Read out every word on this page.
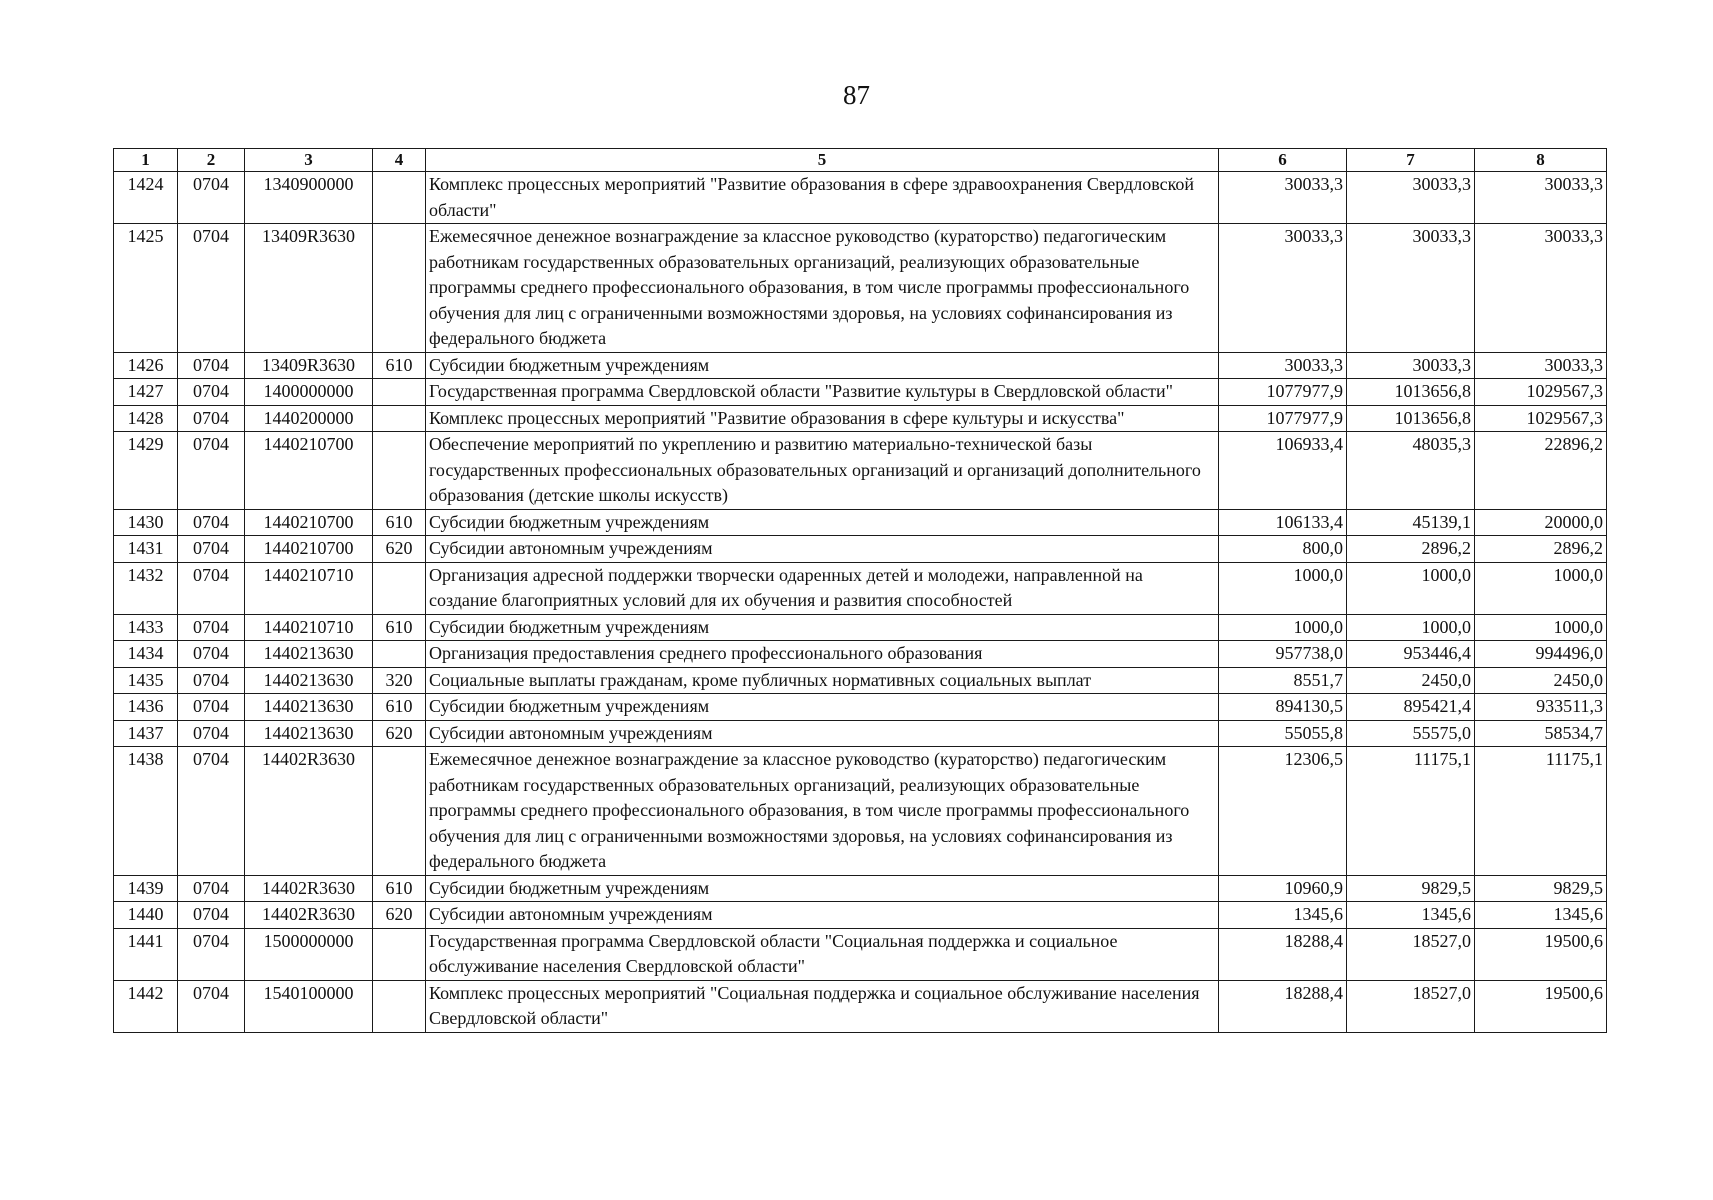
87
1	2	3	4	5	6	7	8
1424	0704	1340900000		Комплекс процессных мероприятий "Развитие образования в сфере здравоохранения Свердловской области"	30033,3	30033,3	30033,3
1425	0704	13409R3630		Ежемесячное денежное вознаграждение за классное руководство (кураторство) педагогическим работникам государственных образовательных организаций, реализующих образовательные программы среднего профессионального образования, в том числе программы профессионального обучения для лиц с ограниченными возможностями здоровья, на условиях софинансирования из федерального бюджета	30033,3	30033,3	30033,3
1426	0704	13409R3630	610	Субсидии бюджетным учреждениям	30033,3	30033,3	30033,3
1427	0704	1400000000		Государственная программа Свердловской области "Развитие культуры в Свердловской области"	1077977,9	1013656,8	1029567,3
1428	0704	1440200000		Комплекс процессных мероприятий "Развитие образования в сфере культуры и искусства"	1077977,9	1013656,8	1029567,3
1429	0704	1440210700		Обеспечение мероприятий по укреплению и развитию материально-технической базы государственных профессиональных образовательных организаций и организаций дополнительного образования (детские школы искусств)	106933,4	48035,3	22896,2
1430	0704	1440210700	610	Субсидии бюджетным учреждениям	106133,4	45139,1	20000,0
1431	0704	1440210700	620	Субсидии автономным учреждениям	800,0	2896,2	2896,2
1432	0704	1440210710		Организация адресной поддержки творчески одаренных детей и молодежи, направленной на создание благоприятных условий для их обучения и развития способностей	1000,0	1000,0	1000,0
1433	0704	1440210710	610	Субсидии бюджетным учреждениям	1000,0	1000,0	1000,0
1434	0704	1440213630		Организация предоставления среднего профессионального образования	957738,0	953446,4	994496,0
1435	0704	1440213630	320	Социальные выплаты гражданам, кроме публичных нормативных социальных выплат	8551,7	2450,0	2450,0
1436	0704	1440213630	610	Субсидии бюджетным учреждениям	894130,5	895421,4	933511,3
1437	0704	1440213630	620	Субсидии автономным учреждениям	55055,8	55575,0	58534,7
1438	0704	14402R3630		Ежемесячное денежное вознаграждение за классное руководство (кураторство) педагогическим работникам государственных образовательных организаций, реализующих образовательные программы среднего профессионального образования, в том числе программы профессионального обучения для лиц с ограниченными возможностями здоровья, на условиях софинансирования из федерального бюджета	12306,5	11175,1	11175,1
1439	0704	14402R3630	610	Субсидии бюджетным учреждениям	10960,9	9829,5	9829,5
1440	0704	14402R3630	620	Субсидии автономным учреждениям	1345,6	1345,6	1345,6
1441	0704	1500000000		Государственная программа Свердловской области "Социальная поддержка и социальное обслуживание населения Свердловской области"	18288,4	18527,0	19500,6
1442	0704	1540100000		Комплекс процессных мероприятий "Социальная поддержка и социальное обслуживание населения Свердловской области"	18288,4	18527,0	19500,6
